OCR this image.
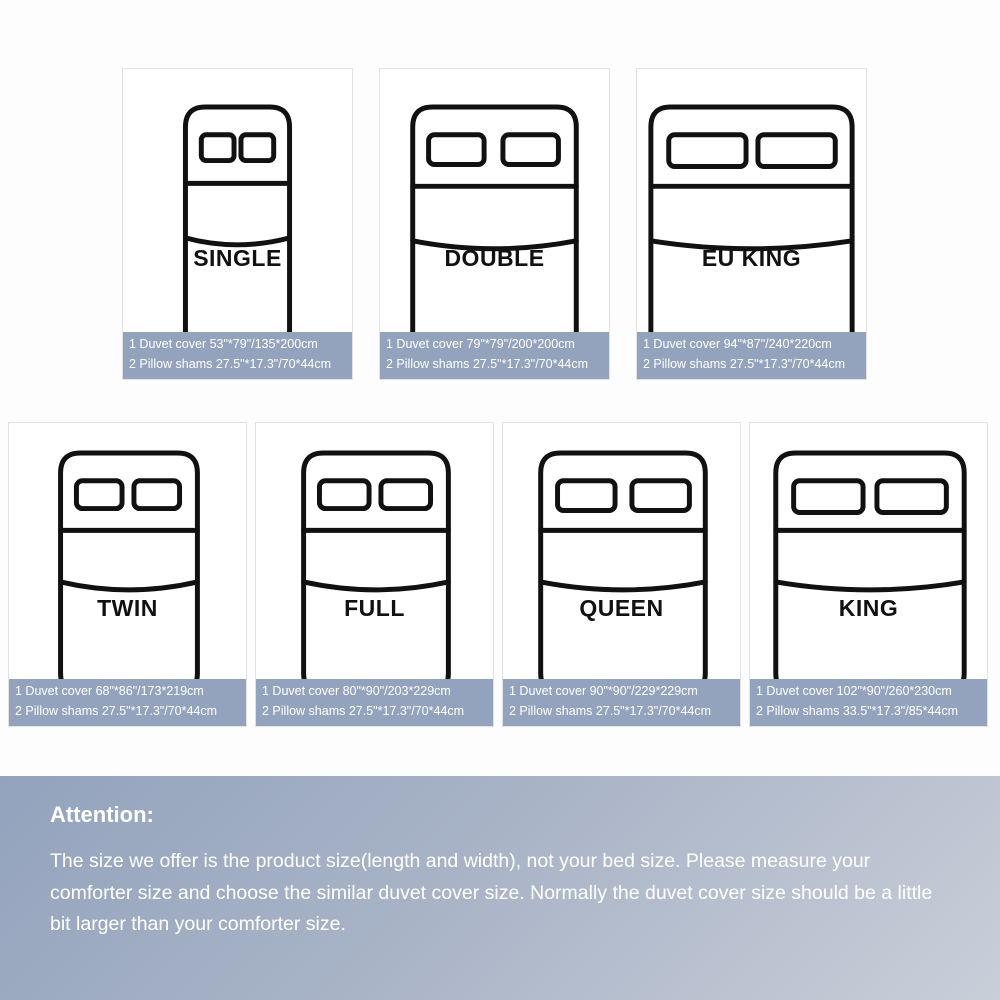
SINGLE
1 Duvet cover 53"*79"/135*200cm
2 Pillow shams 27.5"*17.3"/70*44cm
DOUBLE
1 Duvet cover 79"*79"/200*200cm
2 Pillow shams 27.5"*17.3"/70*44cm
EU KING
1 Duvet cover 94"*87"/240*220cm
2 Pillow shams 27.5"*17.3"/70*44cm
TWIN
1 Duvet cover 68"*86"/173*219cm
2 Pillow shams 27.5"*17.3"/70*44cm
FULL
1 Duvet cover 80"*90"/203*229cm
2 Pillow shams 27.5"*17.3"/70*44cm
QUEEN
1 Duvet cover 90"*90"/229*229cm
2 Pillow shams 27.5"*17.3"/70*44cm
KING
1 Duvet cover 102"*90"/260*230cm
2 Pillow shams 33.5"*17.3"/85*44cm
Attention:
The size we offer is the product size(length and width), not your bed size. Please measure your comforter size and choose the similar duvet cover size. Normally the duvet cover size should be a little bit larger than your comforter size.
